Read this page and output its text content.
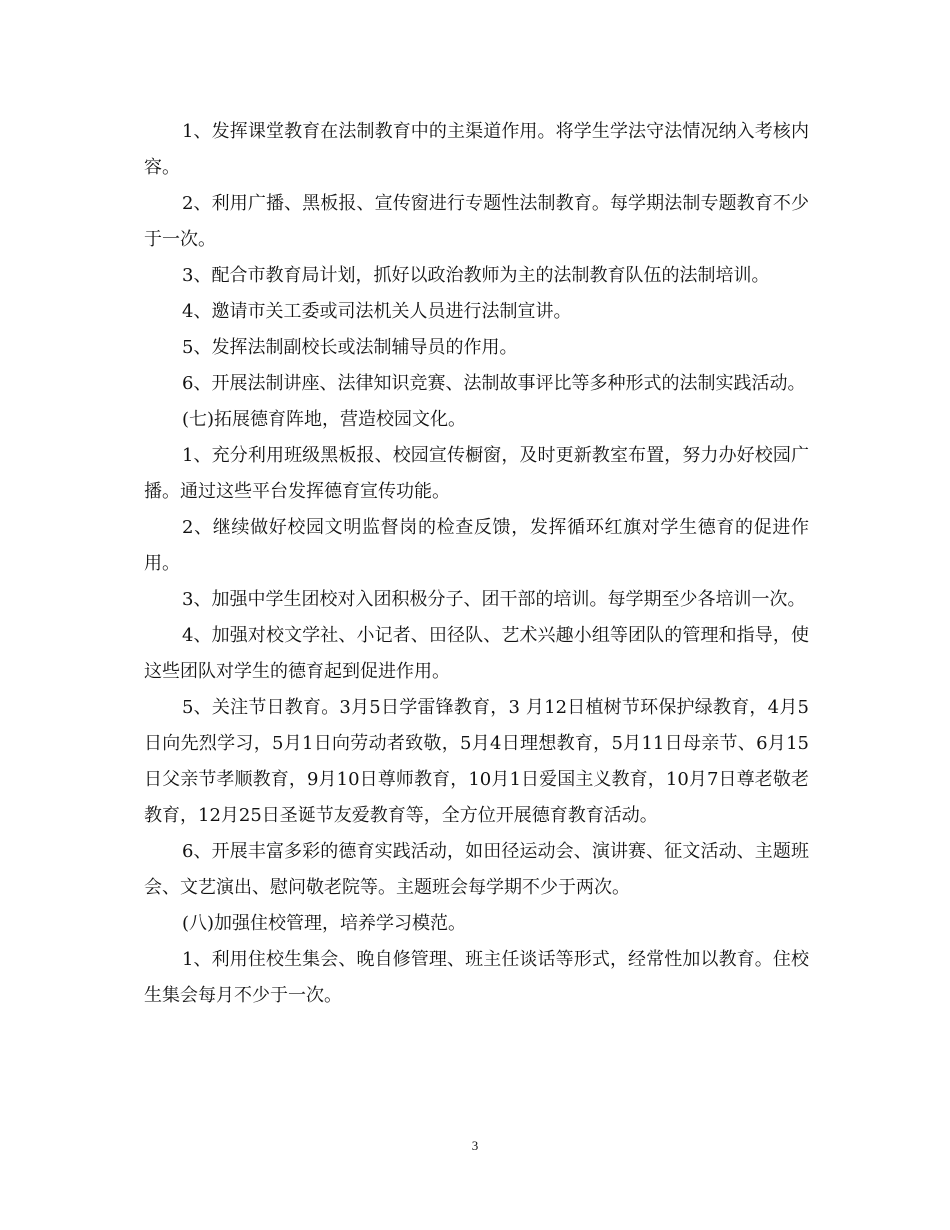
1、发挥课堂教育在法制教育中的主渠道作用。将学生学法守法情况纳入考核内容。

2、利用广播、黑板报、宣传窗进行专题性法制教育。每学期法制专题教育不少于一次。

3、配合市教育局计划，抓好以政治教师为主的法制教育队伍的法制培训。

4、邀请市关工委或司法机关人员进行法制宣讲。

5、发挥法制副校长或法制辅导员的作用。

6、开展法制讲座、法律知识竞赛、法制故事评比等多种形式的法制实践活动。

(七)拓展德育阵地，营造校园文化。

1、充分利用班级黑板报、校园宣传橱窗，及时更新教室布置，努力办好校园广播。通过这些平台发挥德育宣传功能。

2、继续做好校园文明监督岗的检查反馈，发挥循环红旗对学生德育的促进作用。

3、加强中学生团校对入团积极分子、团干部的培训。每学期至少各培训一次。

4、加强对校文学社、小记者、田径队、艺术兴趣小组等团队的管理和指导，使这些团队对学生的德育起到促进作用。

5、关注节日教育。3月5日学雷锋教育，3 月12日植树节环保护绿教育，4月5日向先烈学习，5月1日向劳动者致敬，5月4日理想教育，5月11日母亲节、6月15日父亲节孝顺教育，9月10日尊师教育，10月1日爱国主义教育，10月7日尊老敬老教育，12月25日圣诞节友爱教育等，全方位开展德育教育活动。

6、开展丰富多彩的德育实践活动，如田径运动会、演讲赛、征文活动、主题班会、文艺演出、慰问敬老院等。主题班会每学期不少于两次。

(八)加强住校管理，培养学习模范。

1、利用住校生集会、晚自修管理、班主任谈话等形式，经常性加以教育。住校生集会每月不少于一次。

3
